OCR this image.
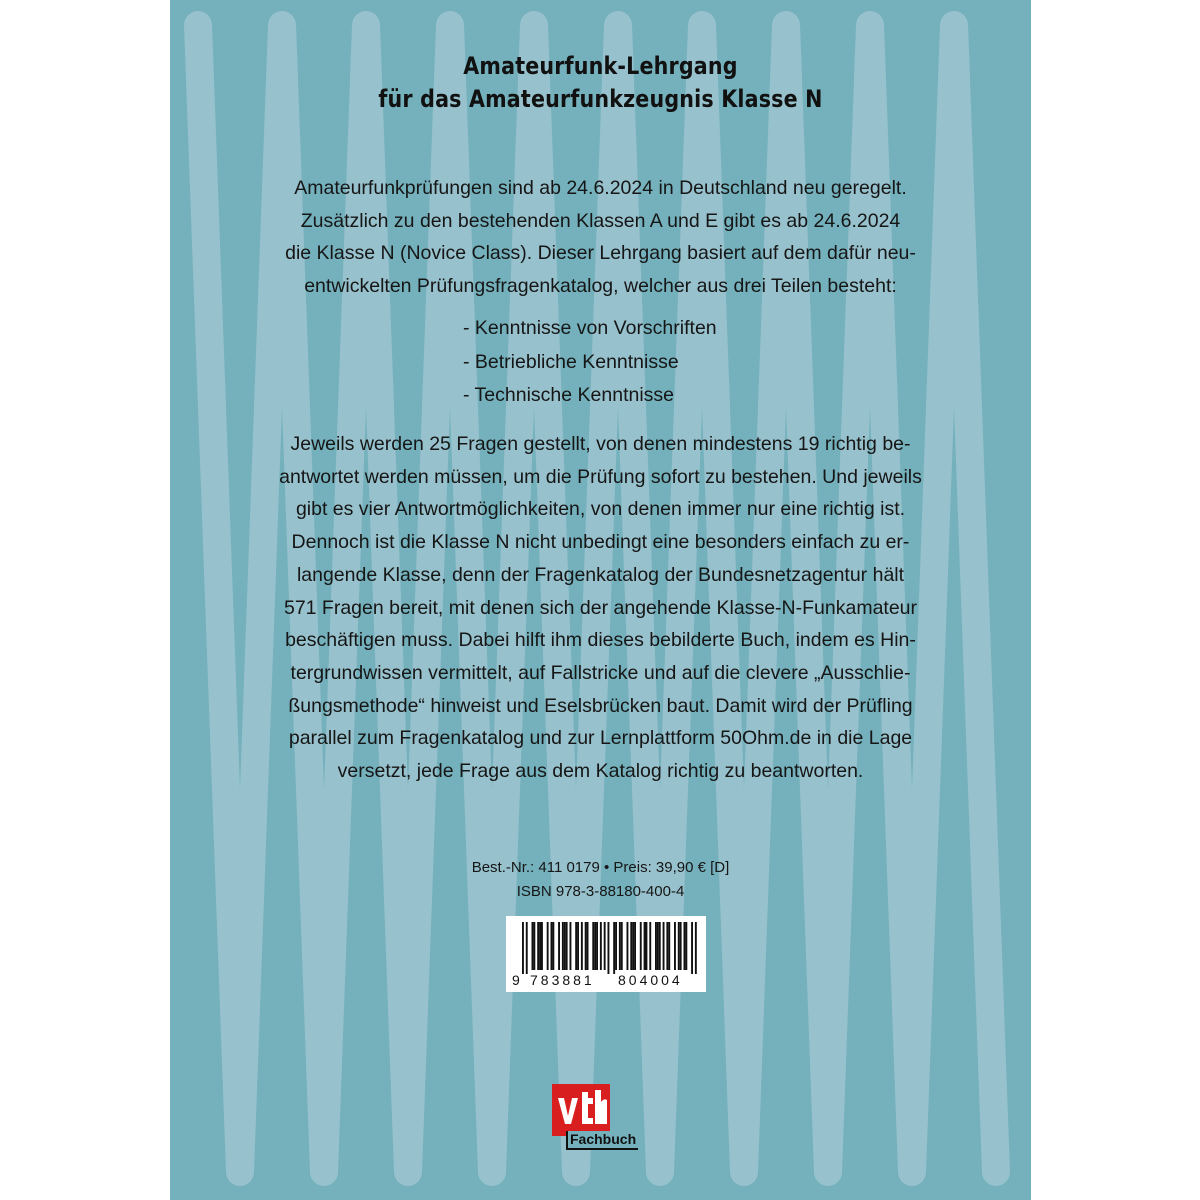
Amateurfunk-Lehrgang
für das Amateurfunkzeugnis Klasse N
Amateurfunkprüfungen sind ab 24.6.2024 in Deutschland neu geregelt.
Zusätzlich zu den bestehenden Klassen A und E gibt es ab 24.6.2024
die Klasse N (Novice Class). Dieser Lehrgang basiert auf dem dafür neu-
entwickelten Prüfungsfragenkatalog, welcher aus drei Teilen besteht:
- Kenntnisse von Vorschriften
- Betriebliche Kenntnisse
- Technische Kenntnisse
Jeweils werden 25 Fragen gestellt, von denen mindestens 19 richtig be-
antwortet werden müssen, um die Prüfung sofort zu bestehen. Und jeweils
gibt es vier Antwortmöglichkeiten, von denen immer nur eine richtig ist.
Dennoch ist die Klasse N nicht unbedingt eine besonders einfach zu er-
langende Klasse, denn der Fragenkatalog der Bundesnetzagentur hält
571 Fragen bereit, mit denen sich der angehende Klasse-N-Funkamateur
beschäftigen muss. Dabei hilft ihm dieses bebilderte Buch, indem es Hin-
tergrundwissen vermittelt, auf Fallstricke und auf die clevere „Ausschlie-
ßungsmethode“ hinweist und Eselsbrücken baut. Damit wird der Prüfling
parallel zum Fragenkatalog und zur Lernplattform 50Ohm.de in die Lage
versetzt, jede Frage aus dem Katalog richtig zu beantworten.
Best.-Nr.: 411 0179 • Preis: 39,90 € [D]
ISBN 978-3-88180-400-4
9 783881 804004
Fachbuch
